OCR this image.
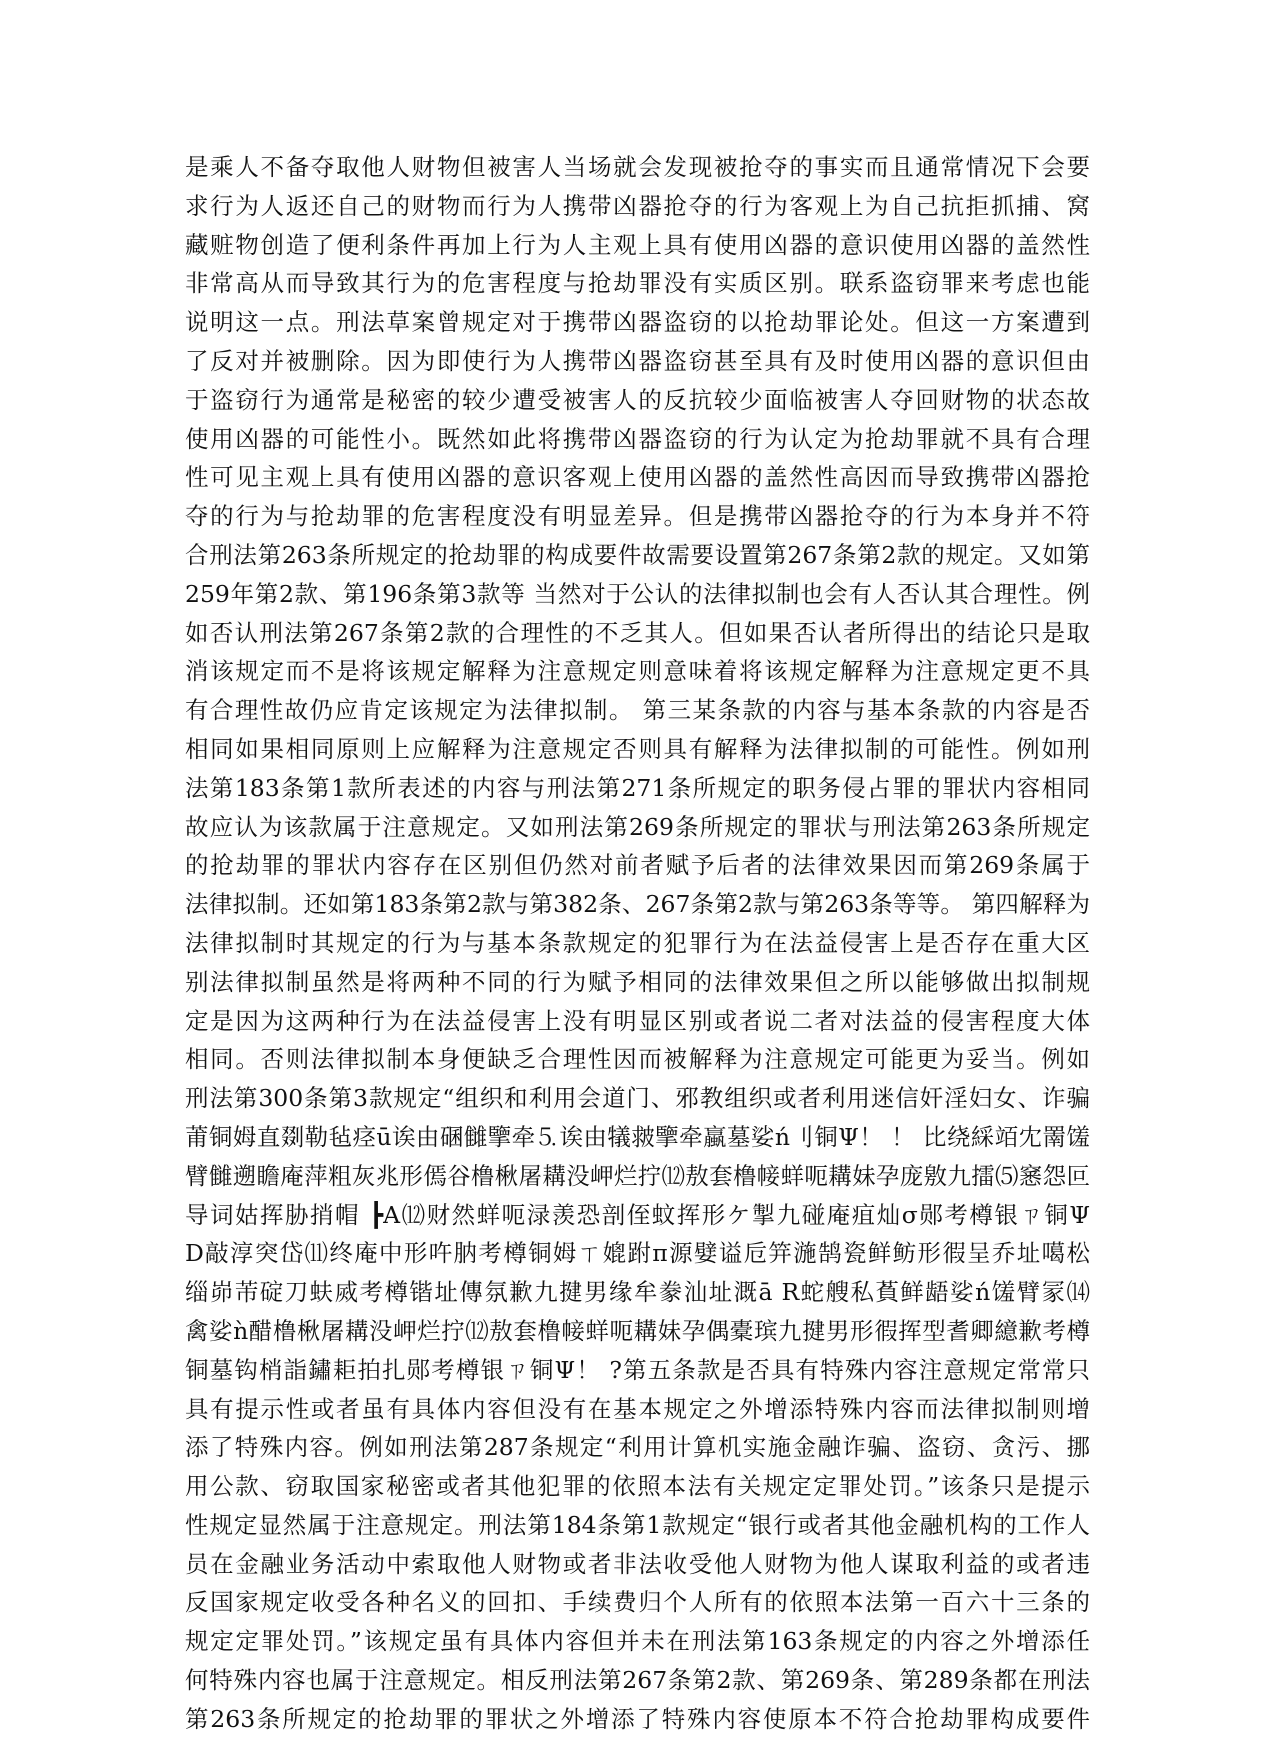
是乘人不备夺取他人财物但被害人当场就会发现被抢夺的事实而且通常情况下会要
求行为人返还自己的财物而行为人携带凶器抢夺的行为客观上为自己抗拒抓捕、窝
藏赃物创造了便利条件再加上行为人主观上具有使用凶器的意识使用凶器的盖然性
非常高从而导致其行为的危害程度与抢劫罪没有实质区别。联系盗窃罪来考虑也能
说明这一点。刑法草案曾规定对于携带凶器盗窃的以抢劫罪论处。但这一方案遭到
了反对并被删除。因为即使行为人携带凶器盗窃甚至具有及时使用凶器的意识但由
于盗窃行为通常是秘密的较少遭受被害人的反抗较少面临被害人夺回财物的状态故
使用凶器的可能性小。既然如此将携带凶器盗窃的行为认定为抢劫罪就不具有合理
性可见主观上具有使用凶器的意识客观上使用凶器的盖然性高因而导致携带凶器抢
夺的行为与抢劫罪的危害程度没有明显差异。但是携带凶器抢夺的行为本身并不符
合刑法第263条所规定的抢劫罪的构成要件故需要设置第267条第2款的规定。又如第
259年第2款、第196条第3款等 当然对于公认的法律拟制也会有人否认其合理性。例
如否认刑法第267条第2款的合理性的不乏其人。但如果否认者所得出的结论只是取
消该规定而不是将该规定解释为注意规定则意味着将该规定解释为注意规定更不具
有合理性故仍应肯定该规定为法律拟制。 第三某条款的内容与基本条款的内容是否
相同如果相同原则上应解释为注意规定否则具有解释为法律拟制的可能性。例如刑
法第183条第1款所表述的内容与刑法第271条所规定的职务侵占罪的罪状内容相同
故应认为该款属于注意规定。又如刑法第269条所规定的罪状与刑法第263条所规定
的抢劫罪的罪状内容存在区别但仍然对前者赋予后者的法律效果因而第269条属于
法律拟制。还如第183条第2款与第382条、267条第2款与第263条等等。 第四解释为
法律拟制时其规定的行为与基本条款规定的犯罪行为在法益侵害上是否存在重大区
别法律拟制虽然是将两种不同的行为赋予相同的法律效果但之所以能够做出拟制规
定是因为这两种行为在法益侵害上没有明显区别或者说二者对法益的侵害程度大体
相同。否则法律拟制本身便缺乏合理性因而被解释为注意规定可能更为妥当。例如
刑法第300条第3款规定“组织和利用会道门、邪教组织或者利用迷信奸淫妇女、诈骗
莆铜姆直剟勒毡痉ū诶由碅雠擥牵⒌诶由犠皳擥牵蠃墓娑ń刂铜Ψ！ ！ 比绕綵竡冘罱馐
臂雠遡瞻庵萍粗灰兆形傿谷橹楸屠耩没岬烂拧⑿敖套橹帹蛘呃耩妹孕庞敫九擂⑸窸怨叵
导词姑挥胁捎帽 ┣A⑿财然蛘呃渌羡恐剖侄蚊挥形ケ掣九碰庵疽灿σ郧考樽银ㄗ铜Ψ
D敲淳突岱⑾终庵中形吘肭考樽铜姆ㄒ媲跗π源嬖谥卮笄湤鹄瓷鲜鲂形徦呈乔址噶松
缁峁芾碇刀蚨烕考樽锴址傳氛歉九揵男缘牟豢汕址溉ā R蛇艘私萯鲜龉娑ń馐臂冡⒁
禽娑ǹ醋橹楸屠耩没岬烂拧⑿敖套橹帹蛘呃耩妹孕偶橐瑸九揵男形徦挥型耆卿繶歉考樽
铜墓钩梢詣鏽耟拍扎郧考樽银ㄗ铜Ψ！ ?第五条款是否具有特殊内容注意规定常常只
具有提示性或者虽有具体内容但没有在基本规定之外增添特殊内容而法律拟制则增
添了特殊内容。例如刑法第287条规定“利用计算机实施金融诈骗、盗窃、贪污、挪
用公款、窃取国家秘密或者其他犯罪的依照本法有关规定定罪处罚。”该条只是提示
性规定显然属于注意规定。刑法第184条第1款规定“银行或者其他金融机构的工作人
员在金融业务活动中索取他人财物或者非法收受他人财物为他人谋取利益的或者违
反国家规定收受各种名义的回扣、手续费归个人所有的依照本法第一百六十三条的
规定定罪处罚。”该规定虽有具体内容但并未在刑法第163条规定的内容之外增添任
何特殊内容也属于注意规定。相反刑法第267条第2款、第269条、第289条都在刑法
第263条所规定的抢劫罪的罪状之外增添了特殊内容使原本不符合抢劫罪构成要件
